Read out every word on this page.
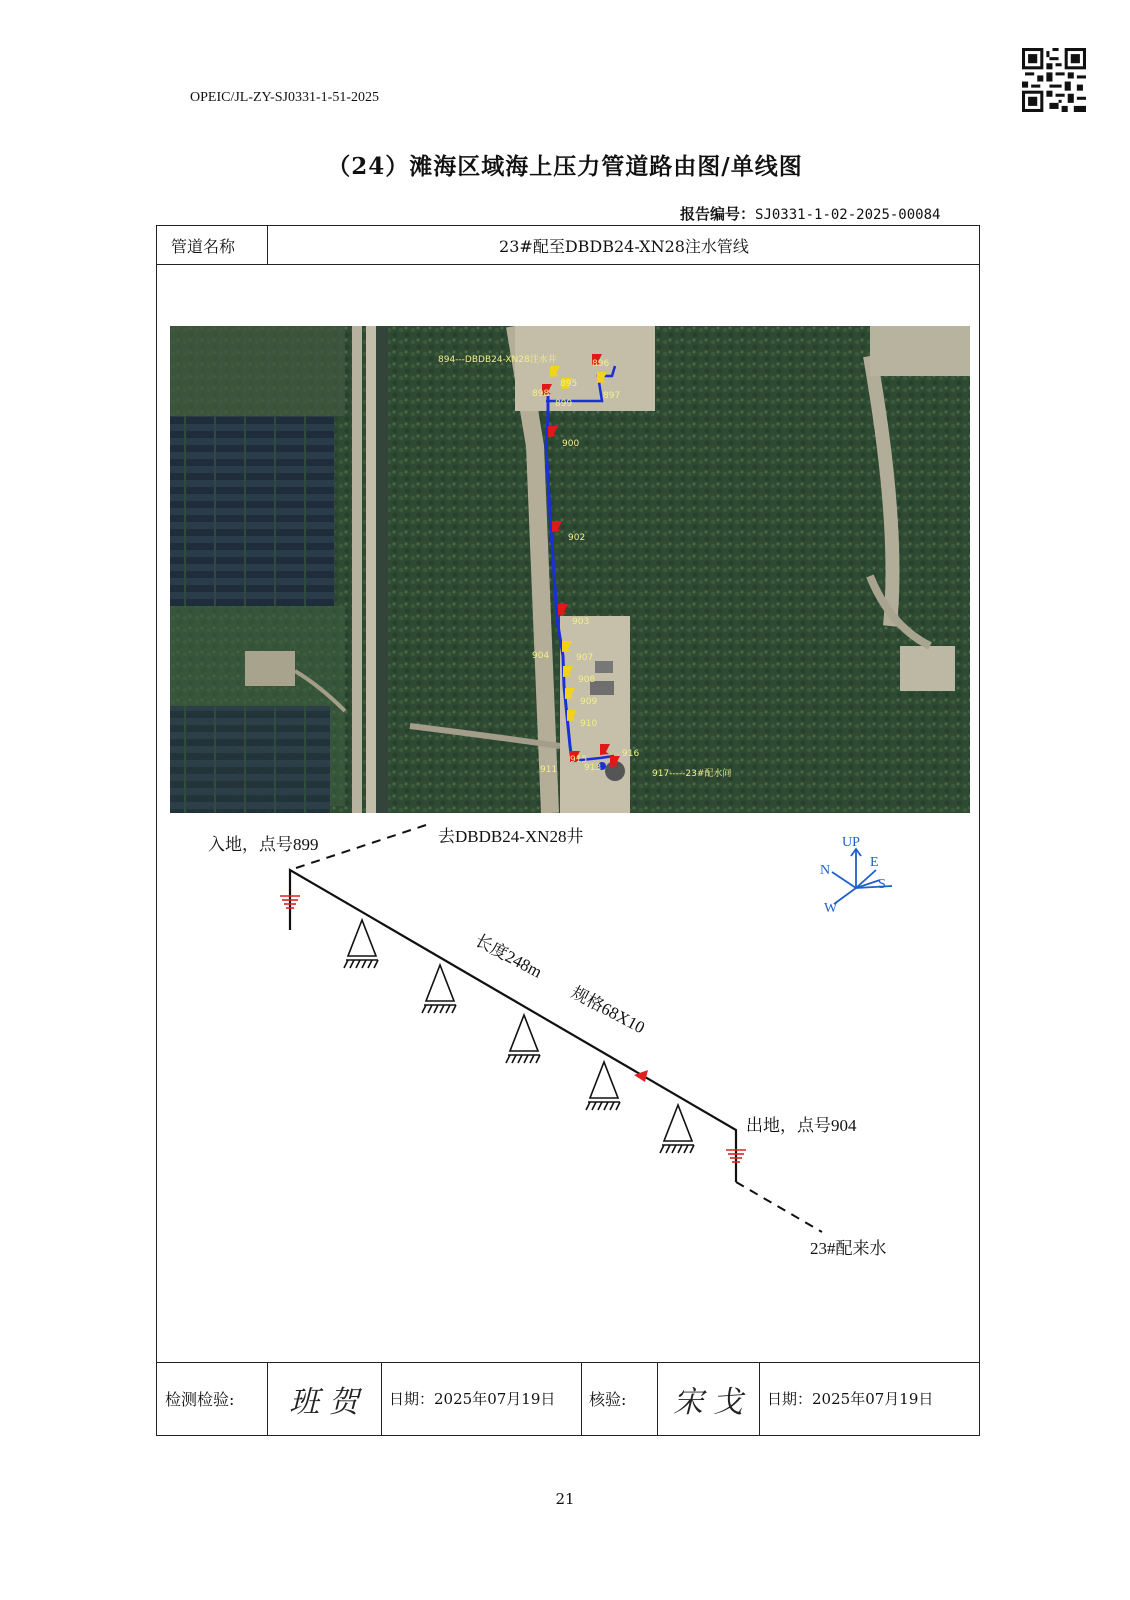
OPEIC/JL-ZY-SJ0331-1-51-2025
（24）滩海区域海上压力管道路由图/单线图
报告编号：SJ0331-1-02-2025-00084
管道名称	23#配至DBDB24-XN28注水管线
检测检验:	班 贺	日期： 2025年07月19日 核验:	宋 戈	日期： 2025年07月19日
894---DBDB24-XN28注水井
917-----23#配水间
895
896
897
898
899
900
902
903
904	907
908
909
910
911
915
913
916
入地，点号899	去DBDB24-XN28井
出地，点号904
23#配来水
长度248m
规格68X10
UP
N
E
S
W
21
